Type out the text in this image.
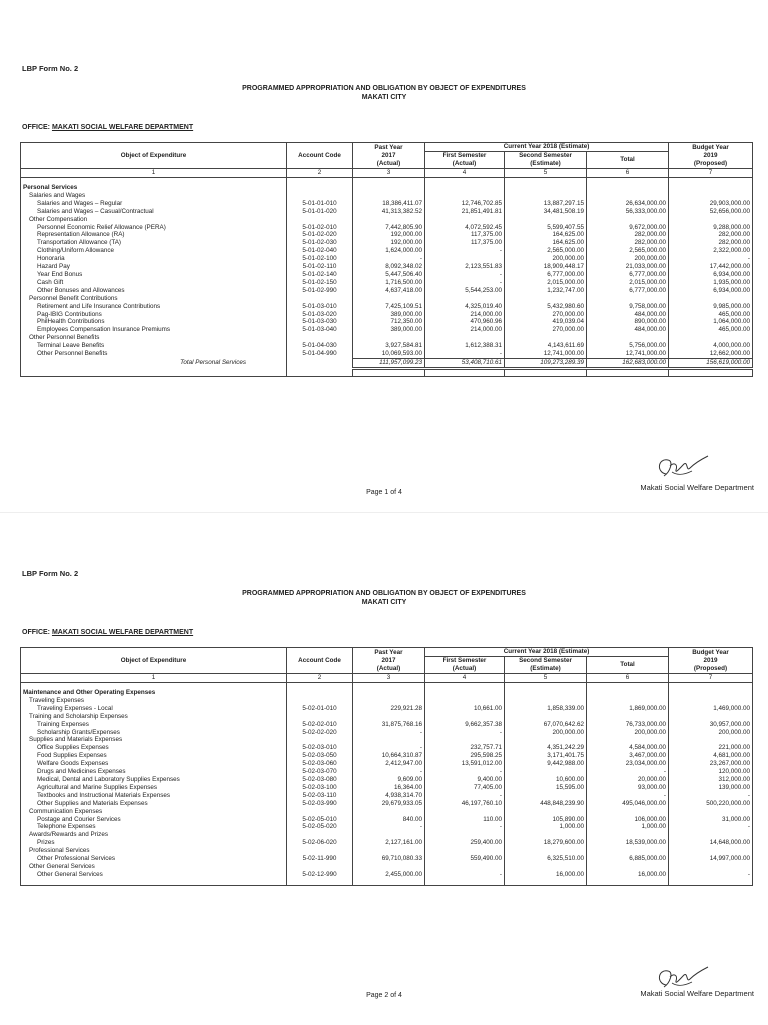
LBP Form No. 2
PROGRAMMED APPROPRIATION AND OBLIGATION BY OBJECT OF EXPENDITURES
MAKATI CITY
OFFICE: MAKATI SOCIAL WELFARE DEPARTMENT
Object of Expenditure	Account Code	Past Year
2017
(Actual)	Current Year 2018 (Estimate)			Budget Year
2019
(Proposed)
			First Semester
(Actual)	Second Semester
(Estimate)	Total	
1	2	3	4	5	6	7

Personal Services						
Salaries and Wages						
Salaries and Wages – Regular	5-01-01-010	18,386,411.07	12,746,702.85	13,887,297.15	26,634,000.00	29,903,000.00
Salaries and Wages – Casual/Contractual	5-01-01-020	41,313,382.52	21,851,491.81	34,481,508.19	56,333,000.00	52,656,000.00
Other Compensation						
Personnel Economic Relief Allowance (PERA)	5-01-02-010	7,442,805.90	4,072,592.45	5,599,407.55	9,672,000.00	9,288,000.00
Representation Allowance (RA)	5-01-02-020	192,000.00	117,375.00	164,625.00	282,000.00	282,000.00
Transportation Allowance (TA)	5-01-02-030	192,000.00	117,375.00	164,625.00	282,000.00	282,000.00
Clothing/Uniform Allowance	5-01-02-040	1,624,000.00	-	2,565,000.00	2,565,000.00	2,322,000.00
Honoraria	5-01-02-100	-		200,000.00	200,000.00	-
Hazard Pay	5-01-02-110	8,092,348.02	2,123,551.83	18,909,448.17	21,033,000.00	17,442,000.00
Year End Bonus	5-01-02-140	5,447,506.40	-	6,777,000.00	6,777,000.00	6,934,000.00
Cash Gift	5-01-02-150	1,716,500.00	-	2,015,000.00	2,015,000.00	1,935,000.00
Other Bonuses and Allowances	5-01-02-990	4,637,418.00	5,544,253.00	1,232,747.00	6,777,000.00	6,934,000.00
Personnel Benefit Contributions						
Retirement and Life Insurance Contributions	5-01-03-010	7,425,109.51	4,325,019.40	5,432,980.60	9,758,000.00	9,985,000.00
Pag-IBIG Contributions	5-01-03-020	389,000.00	214,000.00	270,000.00	484,000.00	465,000.00
PhilHealth Contributions	5-01-03-030	712,350.00	470,960.96	419,039.04	890,000.00	1,064,000.00
Employees Compensation Insurance Premiums	5-01-03-040	389,000.00	214,000.00	270,000.00	484,000.00	465,000.00
Other Personnel Benefits						
Terminal Leave Benefits	5-01-04-030	3,927,584.81	1,612,388.31	4,143,611.69	5,756,000.00	4,000,000.00
Other Personnel Benefits	5-01-04-990	10,069,593.00	-	12,741,000.00	12,741,000.00	12,662,000.00
Total Personal Services		111,957,099.23	53,408,710.61	109,273,289.39	162,683,000.00	156,619,000.00

Page 1 of 4
Makati Social Welfare Department
LBP Form No. 2
PROGRAMMED APPROPRIATION AND OBLIGATION BY OBJECT OF EXPENDITURES
MAKATI CITY
OFFICE: MAKATI SOCIAL WELFARE DEPARTMENT
Object of Expenditure	Account Code	Past Year
2017
(Actual)	Current Year 2018 (Estimate)			Budget Year
2019
(Proposed)
			First Semester
(Actual)	Second Semester
(Estimate)	Total	
1	2	3	4	5	6	7

Maintenance and Other Operating Expenses						
Traveling Expenses						
Traveling Expenses - Local	5-02-01-010	229,921.28	10,661.00	1,858,339.00	1,869,000.00	1,469,000.00
Training and Scholarship Expenses						
Training Expenses	5-02-02-010	31,875,768.16	9,662,357.38	67,070,642.62	76,733,000.00	30,957,000.00
Scholarship Grants/Expenses	5-02-02-020	-	-	200,000.00	200,000.00	200,000.00
Supplies and Materials Expenses						
Office Supplies Expenses	5-02-03-010	-	232,757.71	4,351,242.29	4,584,000.00	221,000.00
Food Supplies Expenses	5-02-03-050	10,664,310.87	295,598.25	3,171,401.75	3,467,000.00	4,681,000.00
Welfare Goods Expenses	5-02-03-060	2,412,947.00	13,591,012.00	9,442,988.00	23,034,000.00	23,267,000.00
Drugs and Medicines Expenses	5-02-03-070	-	-		-	120,000.00
Medical, Dental and Laboratory Supplies Expenses	5-02-03-080	9,609.00	9,400.00	10,600.00	20,000.00	312,000.00
Agricultural and Marine Supplies Expenses	5-02-03-100	16,364.00	77,405.00	15,595.00	93,000.00	139,000.00
Textbooks and Instructional Materials Expenses	5-02-03-110	4,938,314.70	-		-	-
Other Supplies and Materials Expenses	5-02-03-990	29,679,933.05	46,197,760.10	448,848,239.90	495,046,000.00	500,220,000.00
Communication Expenses						
Postage and Courier Services	5-02-05-010	840.00	110.00	105,890.00	106,000.00	31,000.00
Telephone Expenses	5-02-05-020	-	-	1,000.00	1,000.00	-
Awards/Rewards and Prizes						
Prizes	5-02-06-020	2,127,161.00	259,400.00	18,279,600.00	18,539,000.00	14,648,000.00
Professional Services						
Other Professional Services	5-02-11-990	69,710,080.33	559,490.00	6,325,510.00	6,885,000.00	14,997,000.00
Other General Services						
Other General Services	5-02-12-990	2,455,000.00	-	16,000.00	16,000.00	-

Page 2 of 4	Makati Social Welfare Department
